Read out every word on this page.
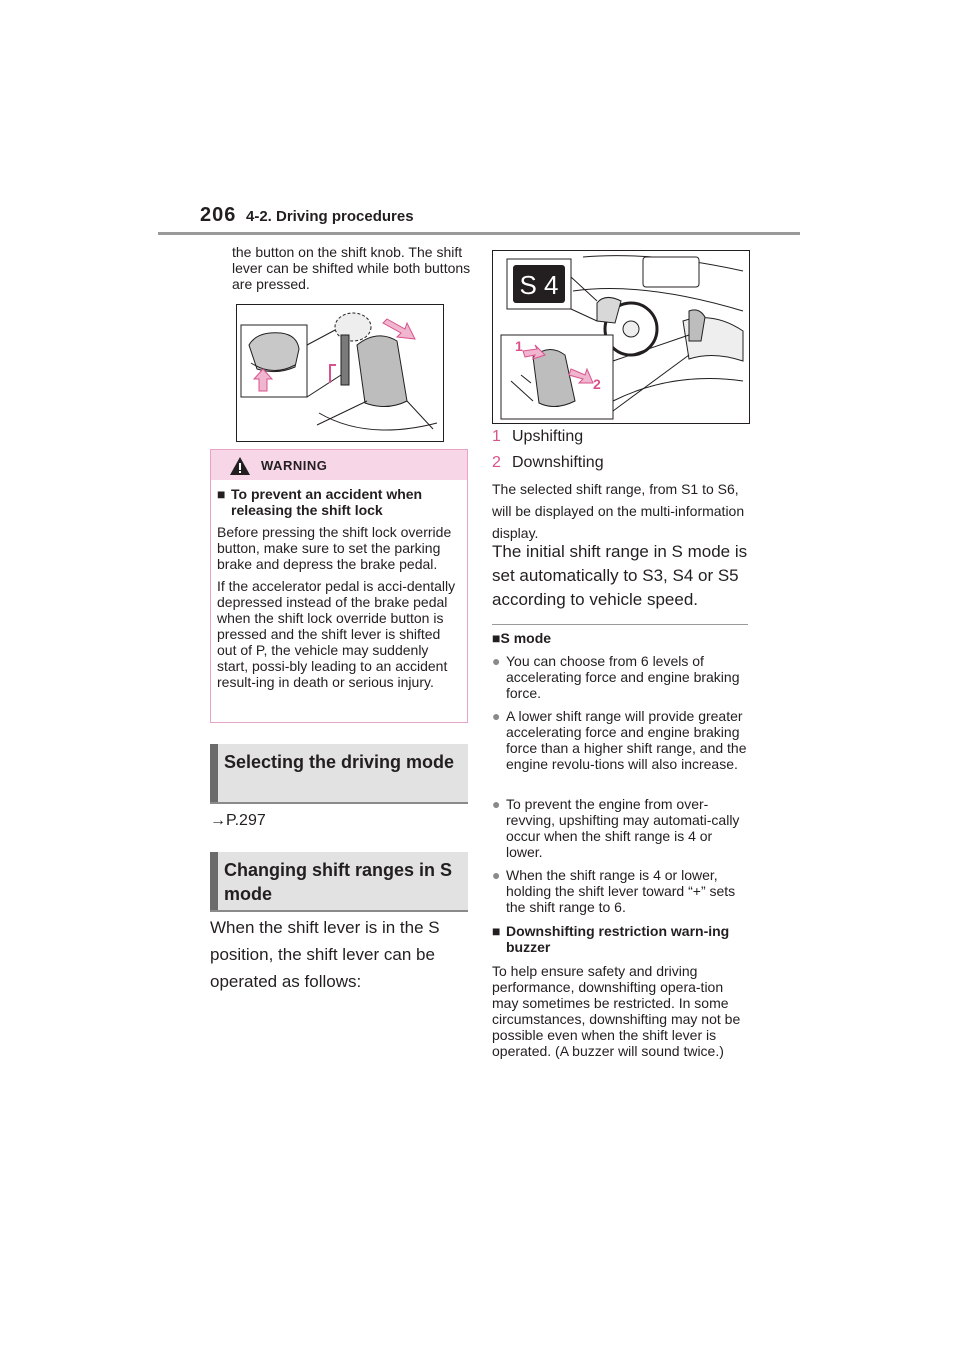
206 4-2. Driving procedures
the button on the shift knob. The shift lever can be shifted while both buttons are pressed.
WARNING
■ To prevent an accident when releasing the shift lock

Before pressing the shift lock override button, make sure to set the parking brake and depress the brake pedal.

If the accelerator pedal is acci-dentally depressed instead of the brake pedal when the shift lock override button is pressed and the shift lever is shifted out of P, the vehicle may suddenly start, possi-bly leading to an accident result-ing in death or serious injury.

Selecting the driving mode
→P.297
Changing shift ranges in S mode
When the shift lever is in the S position, the shift lever can be operated as follows:
S 4
1
2
1 Upshifting
2 Downshifting
The selected shift range, from S1 to S6, will be displayed on the multi-information display.
The initial shift range in S mode is set automatically to S3, S4 or S5 according to vehicle speed.
■S mode
● You can choose from 6 levels of accelerating force and engine braking force.
● A lower shift range will provide greater accelerating force and engine braking force than a higher shift range, and the engine revolu-tions will also increase.
● To prevent the engine from over-revving, upshifting may automati-cally occur when the shift range is 4 or lower.
● When the shift range is 4 or lower, holding the shift lever toward “+” sets the shift range to 6.
■ Downshifting restriction warn-ing buzzer
To help ensure safety and driving performance, downshifting opera-tion may sometimes be restricted. In some circumstances, downshifting may not be possible even when the shift lever is operated. (A buzzer will sound twice.)
